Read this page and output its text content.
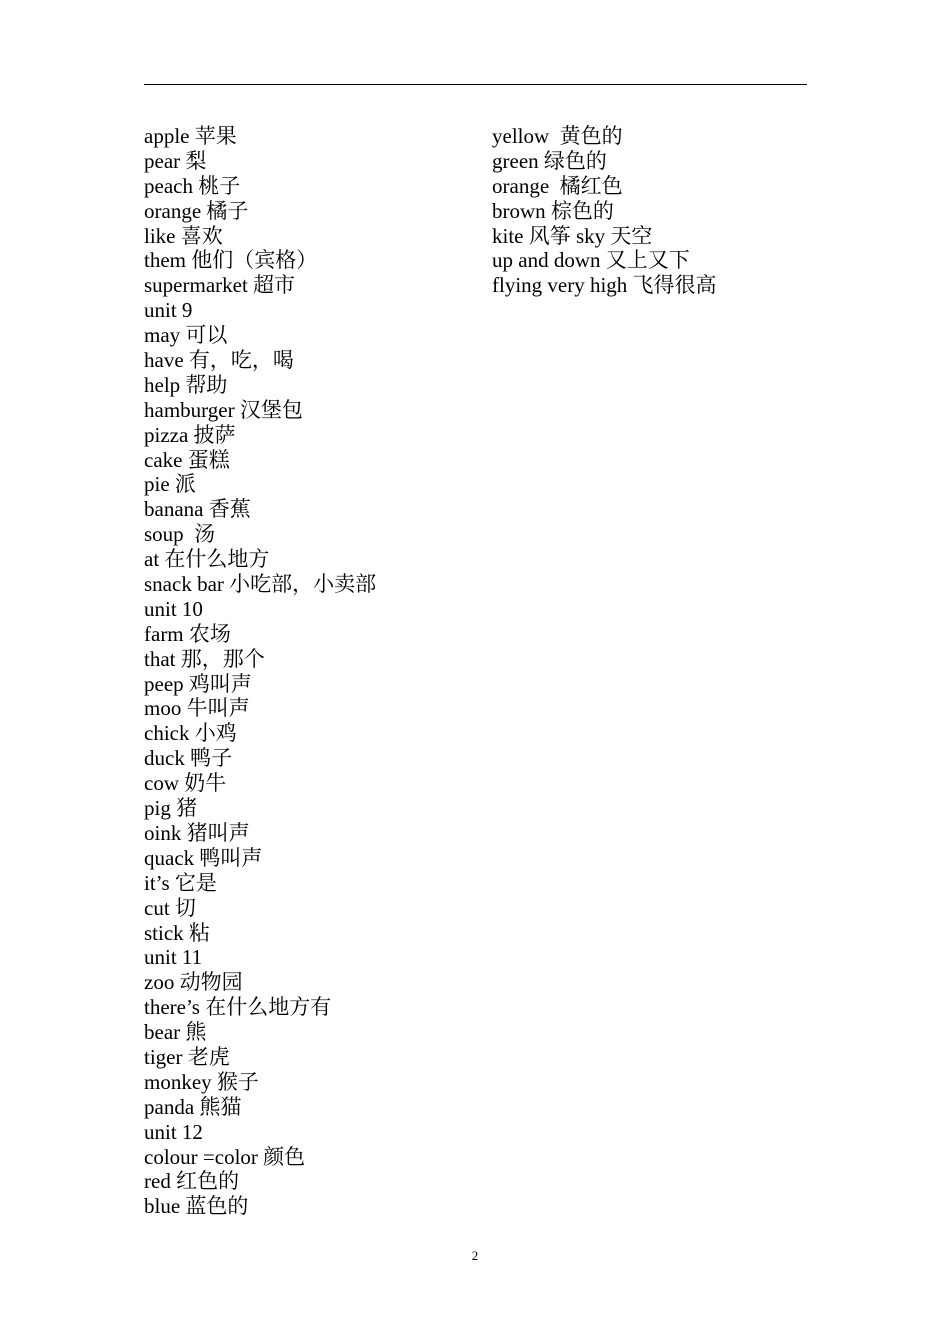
apple 苹果
pear 梨
peach 桃子
orange 橘子
like 喜欢
them 他们（宾格）
supermarket 超市
unit 9
may 可以
have 有，吃，喝
help 帮助
hamburger 汉堡包
pizza 披萨
cake 蛋糕
pie 派
banana 香蕉
soup  汤
at 在什么地方
snack bar 小吃部，小卖部
unit 10
farm 农场
that 那，那个
peep 鸡叫声
moo 牛叫声
chick 小鸡
duck 鸭子
cow 奶牛
pig 猪
oink 猪叫声
quack 鸭叫声
it’s 它是
cut 切
stick 粘
unit 11
zoo 动物园
there’s 在什么地方有
bear 熊
tiger 老虎
monkey 猴子
panda 熊猫
unit 12
colour =color 颜色
red 红色的
blue 蓝色的
yellow  黄色的
green 绿色的
orange  橘红色
brown 棕色的
kite 风筝 sky 天空
up and down 又上又下
flying very high 飞得很高
2
